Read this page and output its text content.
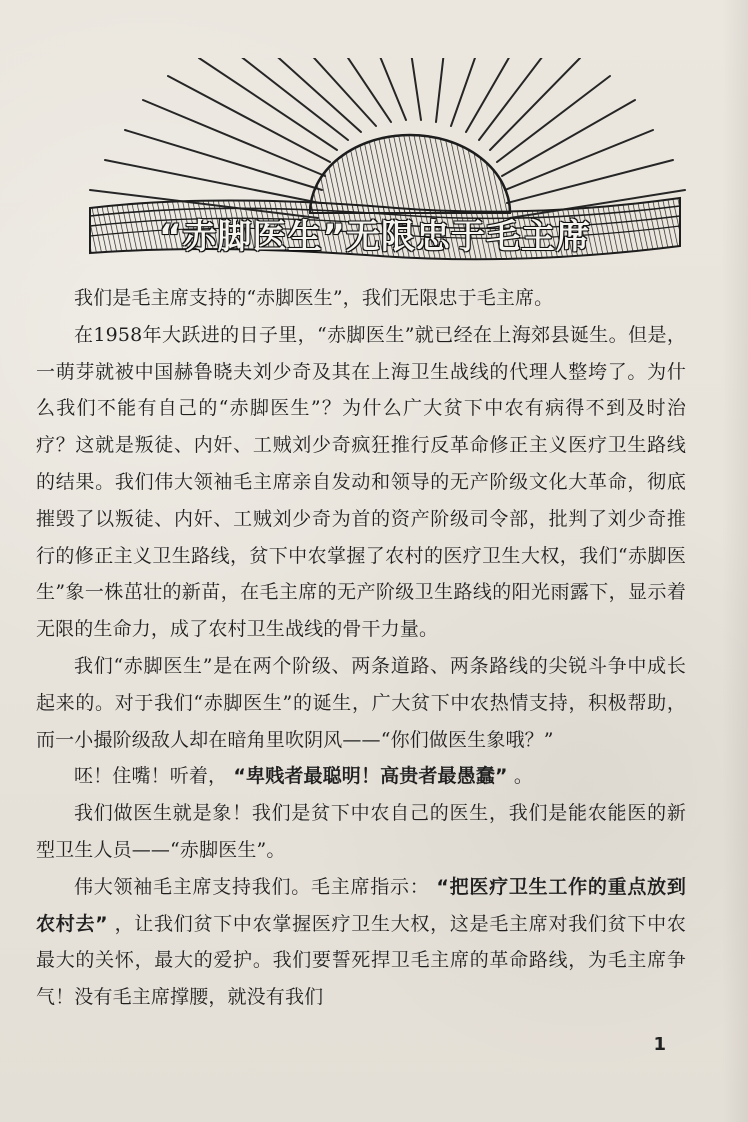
“赤脚医生”无限忠于毛主席

我们是毛主席支持的“赤脚医生”，我们无限忠于毛主席。

在1958年大跃进的日子里，“赤脚医生”就已经在上海郊县诞生。但是，一萌芽就被中国赫鲁晓夫刘少奇及其在上海卫生战线的代理人整垮了。为什么我们不能有自己的“赤脚医生”？为什么广大贫下中农有病得不到及时治疗？这就是叛徒、内奸、工贼刘少奇疯狂推行反革命修正主义医疗卫生路线的结果。我们伟大领袖毛主席亲自发动和领导的无产阶级文化大革命，彻底摧毁了以叛徒、内奸、工贼刘少奇为首的资产阶级司令部，批判了刘少奇推行的修正主义卫生路线，贫下中农掌握了农村的医疗卫生大权，我们“赤脚医生”象一株茁壮的新苗，在毛主席的无产阶级卫生路线的阳光雨露下，显示着无限的生命力，成了农村卫生战线的骨干力量。

我们“赤脚医生”是在两个阶级、两条道路、两条路线的尖锐斗争中成长起来的。对于我们“赤脚医生”的诞生，广大贫下中农热情支持，积极帮助，而一小撮阶级敌人却在暗角里吹阴风——“你们做医生象哦？”

呸！住嘴！听着， “卑贱者最聪明！高贵者最愚蠢” 。

我们做医生就是象！我们是贫下中农自己的医生，我们是能农能医的新型卫生人员——“赤脚医生”。

伟大领袖毛主席支持我们。毛主席指示： “把医疗卫生工作的重点放到农村去” ，让我们贫下中农掌握医疗卫生大权，这是毛主席对我们贫下中农最大的关怀，最大的爱护。我们要誓死捍卫毛主席的革命路线，为毛主席争气！没有毛主席撑腰，就没有我们

1
